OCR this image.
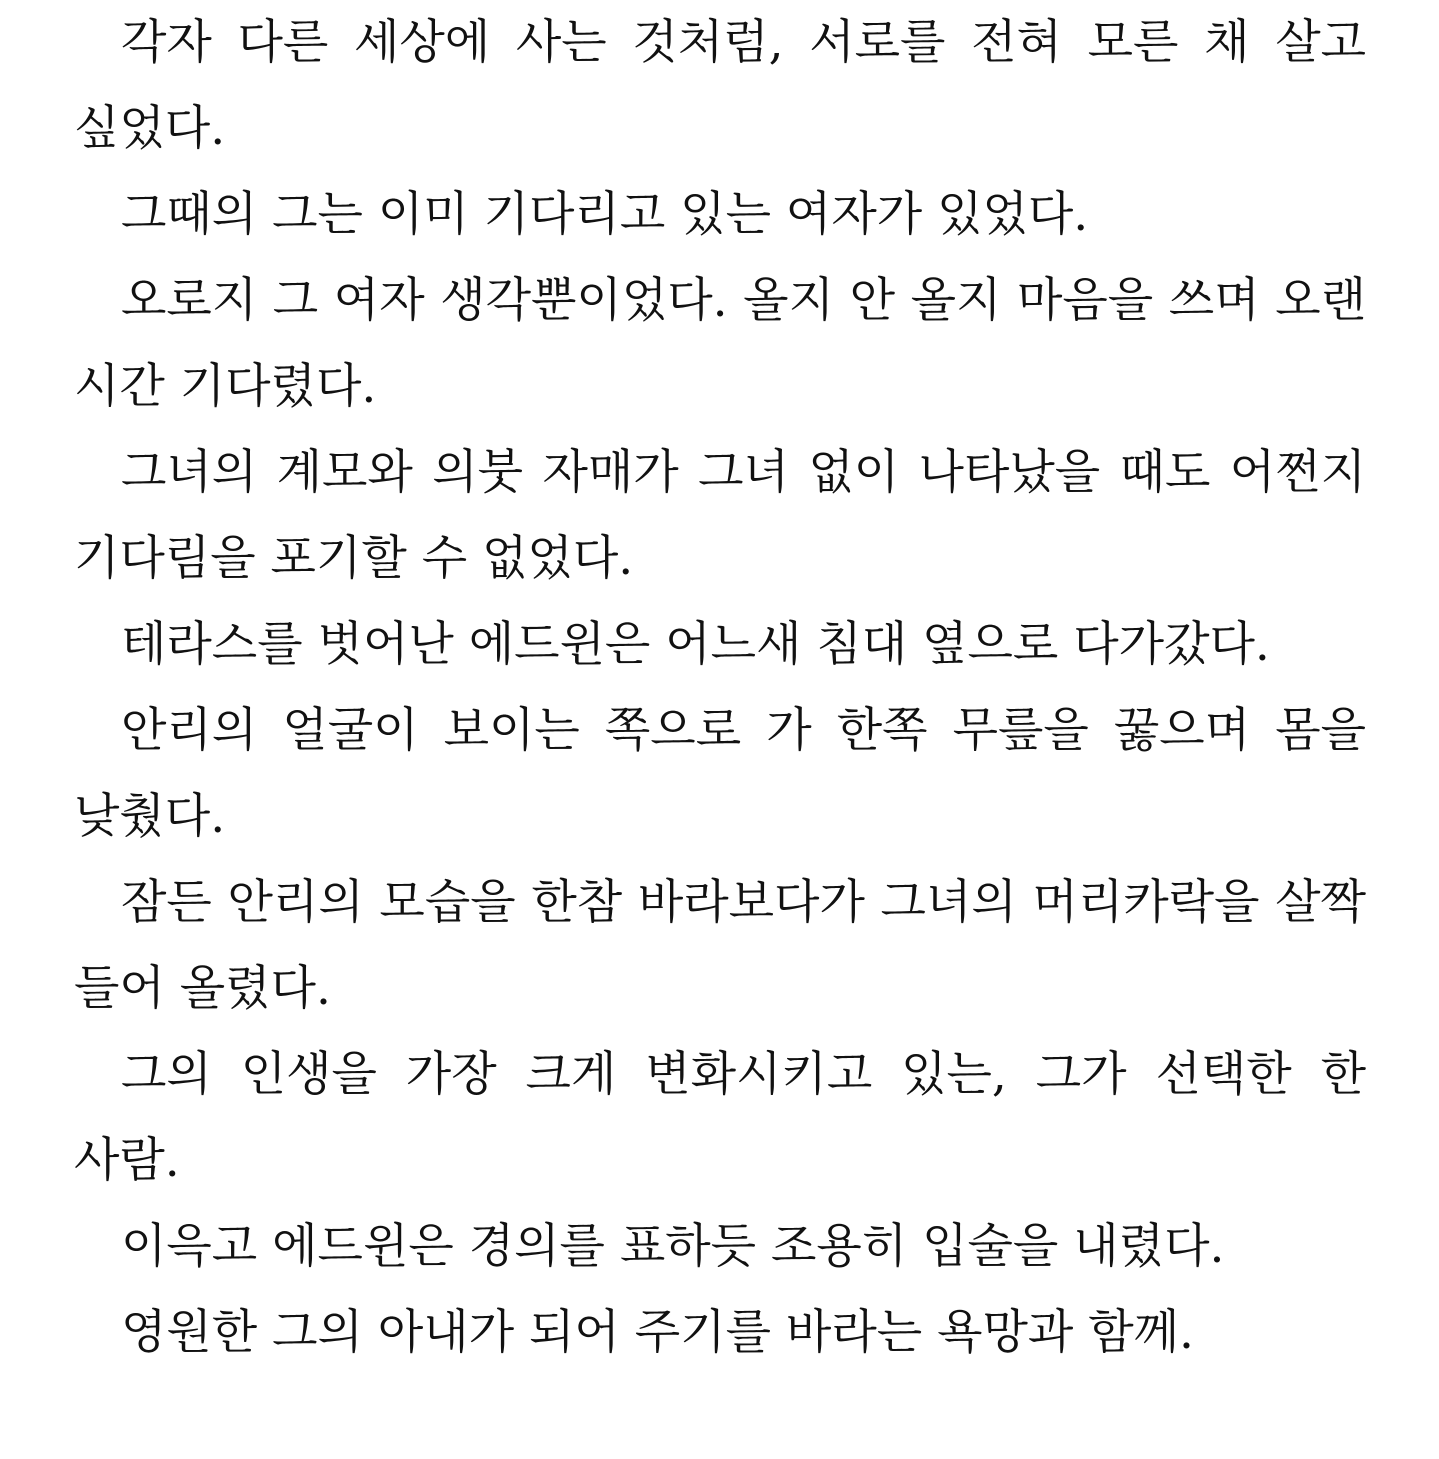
각자 다른 세상에 사는 것처럼, 서로를 전혀 모른 채 살고 싶었다.

그때의 그는 이미 기다리고 있는 여자가 있었다.

오로지 그 여자 생각뿐이었다. 올지 안 올지 마음을 쓰며 오랜 시간 기다렸다.

그녀의 계모와 의붓 자매가 그녀 없이 나타났을 때도 어쩐지 기다림을 포기할 수 없었다.

테라스를 벗어난 에드윈은 어느새 침대 옆으로 다가갔다.

안리의 얼굴이 보이는 쪽으로 가 한쪽 무릎을 꿇으며 몸을 낮췄다.

잠든 안리의 모습을 한참 바라보다가 그녀의 머리카락을 살짝 들어 올렸다.

그의 인생을 가장 크게 변화시키고 있는, 그가 선택한 한 사람.

이윽고 에드윈은 경의를 표하듯 조용히 입술을 내렸다.

영원한 그의 아내가 되어 주기를 바라는 욕망과 함께.
